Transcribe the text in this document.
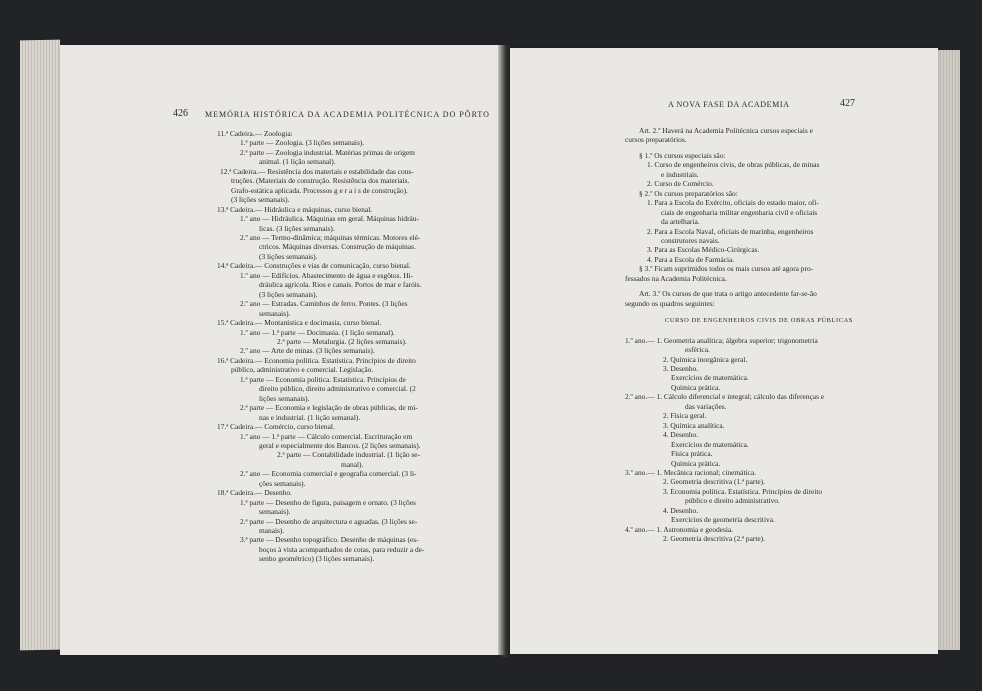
426 MEMÓRIA HISTÓRICA DA ACADEMIA POLITÉCNICA DO PÔRTO
11.ª Cadeira.— Zoologia:
1.ª parte — Zoologia. (3 lições semanais).
2.ª parte — Zoologia industrial. Matérias primas de origem
animal. (1 lição semanal).
12.ª Cadeira.— Resistência dos materiais e estabilidade das cons-
truções. (Materiais de construção. Resistência dos materiais.
Grafo-estática aplicada. Processos g e r a i s de construção).
(3 lições semanais).
13.ª Cadeira.— Hidráulica e máquinas, curso bienal.
1.º ano — Hidráulica. Máquinas em geral. Máquinas hidráu-
licas. (3 lições semanais).
2.º ano — Termo-dinâmica; máquinas térmicas. Motores elé-
ctricos. Máquinas diversas. Construção de máquinas.
(3 lições semanais).
14.ª Cadeira.— Construções e vias de comunicação, curso bienal.
1.º ano — Edifícios. Abastecimento de água e esgôtos. Hi-
dráulica agrícola. Rios e canais. Portos de mar e faróis.
(3 lições semanais).
2.º ano — Estradas. Caminhos de ferro. Pontes. (3 lições
semanais).
15.ª Cadeira.— Montanística e docimasia, curso bienal.
1.º ano — 1.ª parte — Docimasia. (1 lição semanal).
2.ª parte — Metalurgia. (2 lições semanais).
2.º ano — Arte de minas. (3 lições semanais).
16.ª Cadeira.— Economia política. Estatística. Princípios de direito
público, administrativo e comercial. Legislação.
1.ª parte — Economia política. Estatística. Princípios de
direito público, direito administrativo e comercial. (2
lições semanais).
2.ª parte — Economia e legislação de obras públicas, de mi-
nas e industrial. (1 lição semanal).
17.ª Cadeira.— Comércio, curso bienal.
1.º ano — 1.ª parte — Cálculo comercial. Escrituração em
geral e especialmente dos Bancos. (2 lições semanais).
2.ª parte — Contabilidade industrial. (1 lição se-
manal).
2.º ano — Economia comercial e geografia comercial. (3 li-
ções semanais).
18.ª Cadeira.— Desenho.
1.ª parte — Desenho de figura, paisagem e ornato. (3 lições
semanais).
2.ª parte — Desenho de arquitectura e aguadas. (3 lições se-
manais).
3.ª parte — Desenho topográfico. Desenho de máquinas (es-
boços à vista acompanhados de cotas, para reduzir a de-
senho geométrico) (3 lições semanais).
A NOVA FASE DA ACADEMIA	427
Art. 2.º Haverá na Academia Politécnica cursos especiais e
cursos preparatórios.
§ 1.º Os cursos especiais são:
1. Curso de engenheiros civis, de obras públicas, de minas
e industriais.
2. Curso de Comércio.
§ 2.º Os cursos preparatórios são:
1. Para a Escola do Exército, oficiais do estado maior, ofi-
ciais de engenharia militar engenharia civil e oficiais
da artelharia.
2. Para a Escola Naval, oficiais de marinha, engenheiros
construtores navais.
3. Para as Escolas Médico-Cirúrgicas.
4. Para a Escola de Farmácia.
§ 3.º Ficam suprimidos todos os mais cursos até agora pro-
fessados na Academia Politécnica.
Art. 3.º Os cursos de que trata o artigo antecedente far-se-ão
segundo os quadros seguintes:
CURSO DE ENGENHEIROS CIVIS DE OBRAS PÚBLICAS
1.º ano.— 1. Geometria analítica; álgebra superior; trigonometria
esférica.
2. Química inorgânica geral.
3. Desenho.
Exercícios de matemática.
Química prática.
2.º ano.— 1. Cálculo diferencial e integral; cálculo das diferenças e
das variações.
2. Física geral.
3. Química analítica.
4. Desenho.
Exercícios de matemática.
Física prática.
Química prática.
3.º ano.— 1. Mecânica racional; cinemática.
2. Geometria descritiva (1.ª parte).
3. Economia política. Estatística. Princípios de direito
público e direito administrativo.
4. Desenho.
Exercícios de geometria descritiva.
4.º ano.— 1. Astronomia e geodesia.
2. Geometria descritiva (2.ª parte).
